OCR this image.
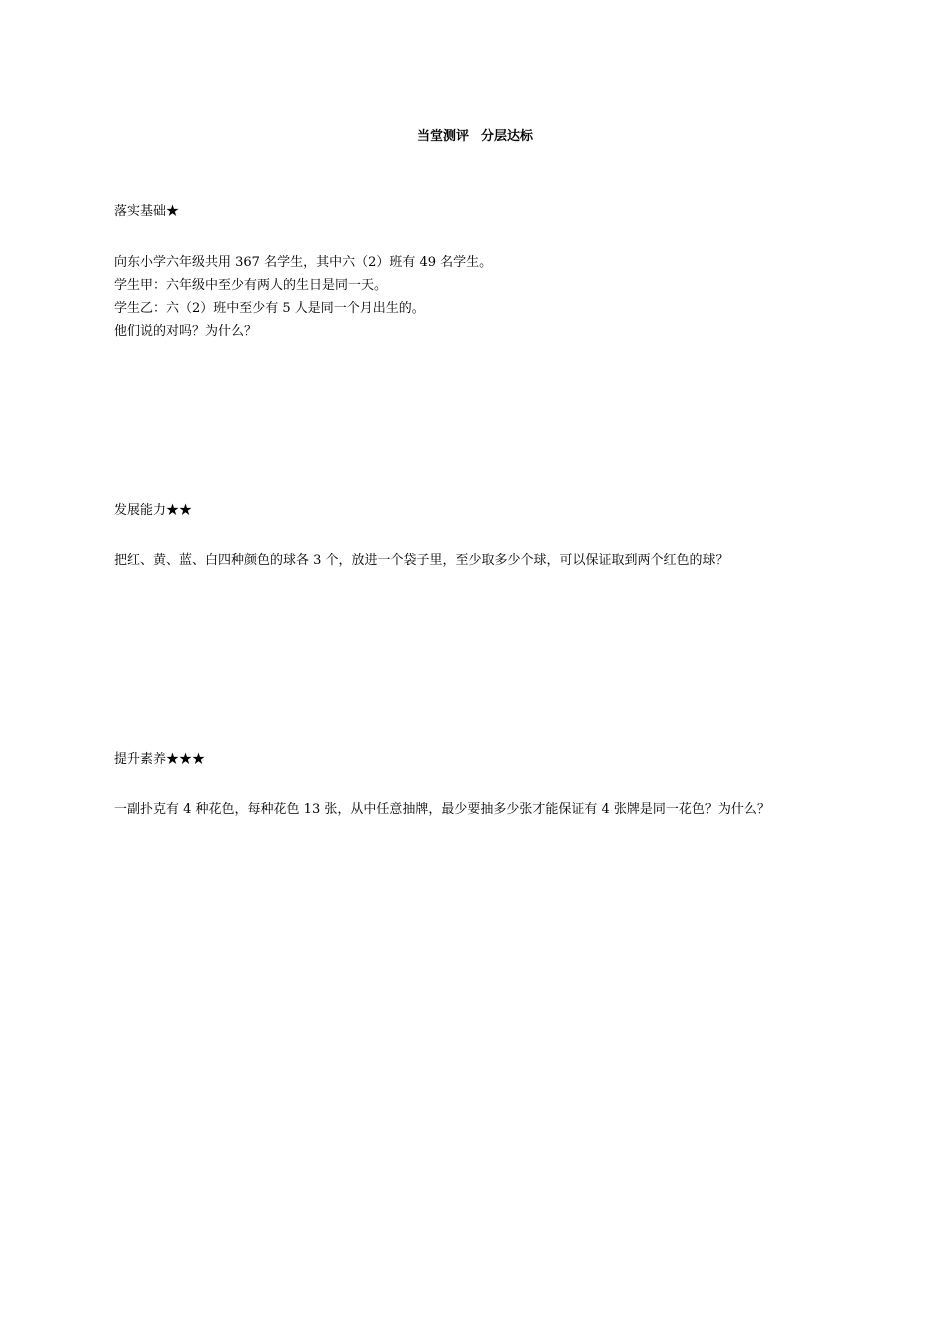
当堂测评 分层达标

落实基础★

向东小学六年级共用 367 名学生，其中六（2）班有 49 名学生。

学生甲：六年级中至少有两人的生日是同一天。

学生乙：六（2）班中至少有 5 人是同一个月出生的。

他们说的对吗？为什么？

发展能力★★

把红、黄、蓝、白四种颜色的球各 3 个，放进一个袋子里，至少取多少个球，可以保证取到两个红色的球？

提升素养★★★

一副扑克有 4 种花色，每种花色 13 张，从中任意抽牌，最少要抽多少张才能保证有 4 张牌是同一花色？为什么？
